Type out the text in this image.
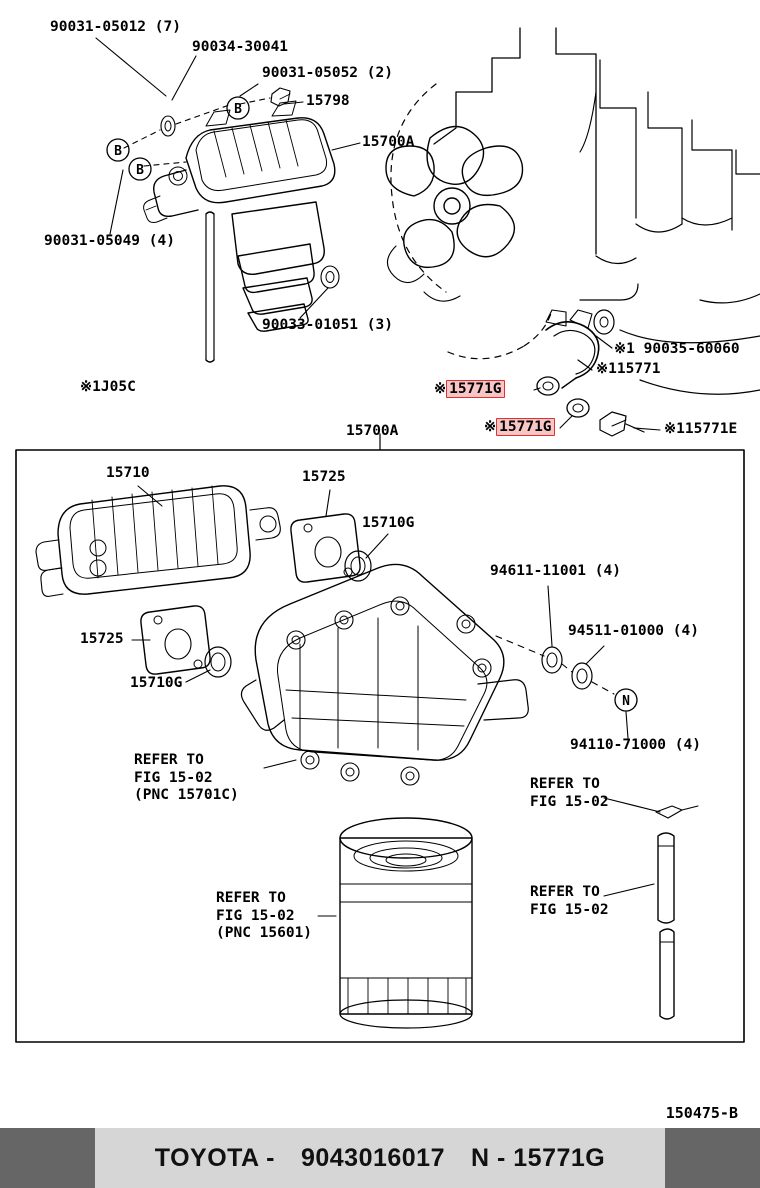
B
B
B
N
90031-05012 (7)
90034-30041
90031-05052 (2)
15798
15700A
90031-05049 (4)
90033-01051 (3)
※1 90035-60060
※115771
※115771E
※ 15771G
※ 15771G
※1J05C
15700A
15710	15725
15710G
15725
15710G
94611-11001 (4)
94511-01000 (4)
94110-71000 (4)
REFER TO
FIG 15-02
(PNC 15701C)
REFER TO
FIG 15-02
(PNC 15601)
REFER TO
FIG 15-02
REFER TO
FIG 15-02
150475-B
TOYOTA - 9043016017 N - 15771G
